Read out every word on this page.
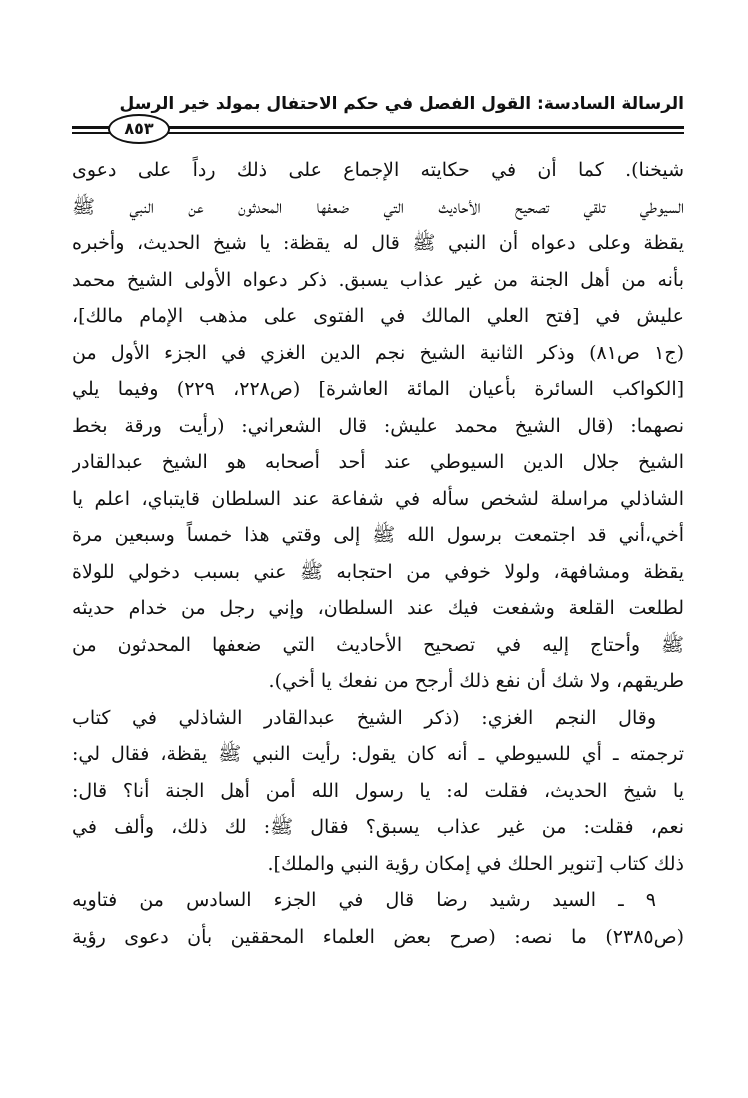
الرسالة السادسة: القول الفصل في حكم الاحتفال بمولد خير الرسل
٨٥٣
شيخنا). كما أن في حكايته الإجماع على ذلك رداً على دعوى
السيوطي تلقي تصحيح الأحاديث التي ضعفها المحدثون عن النبي ﷺ
يقظة وعلى دعواه أن النبي ﷺ قال له يقظة: يا شيخ الحديث، وأخبره
بأنه من أهل الجنة من غير عذاب يسبق. ذكر دعواه الأولى الشيخ محمد
عليش في [فتح العلي المالك في الفتوى على مذهب الإمام مالك]،
(ج١ ص٨١) وذكر الثانية الشيخ نجم الدين الغزي في الجزء الأول من
[الكواكب السائرة بأعيان المائة العاشرة] (ص٢٢٨، ٢٢٩) وفيما يلي
نصهما: (قال الشيخ محمد عليش: قال الشعراني: (رأيت ورقة بخط
الشيخ جلال الدين السيوطي عند أحد أصحابه هو الشيخ عبدالقادر
الشاذلي مراسلة لشخص سأله في شفاعة عند السلطان قايتباي، اعلم يا
أخي،أني قد اجتمعت برسول الله ﷺ إلى وقتي هذا خمساً وسبعين مرة
يقظة ومشافهة، ولولا خوفي من احتجابه ﷺ عني بسبب دخولي للولاة
لطلعت القلعة وشفعت فيك عند السلطان، وإني رجل من خدام حديثه
ﷺ وأحتاج إليه في تصحيح الأحاديث التي ضعفها المحدثون من
طريقهم، ولا شك أن نفع ذلك أرجح من نفعك يا أخي).
وقال النجم الغزي: (ذكر الشيخ عبدالقادر الشاذلي في كتاب
ترجمته ـ أي للسيوطي ـ أنه كان يقول: رأيت النبي ﷺ يقظة، فقال لي:
يا شيخ الحديث، فقلت له: يا رسول الله أمن أهل الجنة أنا؟ قال:
نعم، فقلت: من غير عذاب يسبق؟ فقال ﷺ: لك ذلك، وألف في
ذلك كتاب [تنوير الحلك في إمكان رؤية النبي والملك].
٩ ـ السيد رشيد رضا قال في الجزء السادس من فتاويه
(ص٢٣٨٥) ما نصه: (صرح بعض العلماء المحققين بأن دعوى رؤية
